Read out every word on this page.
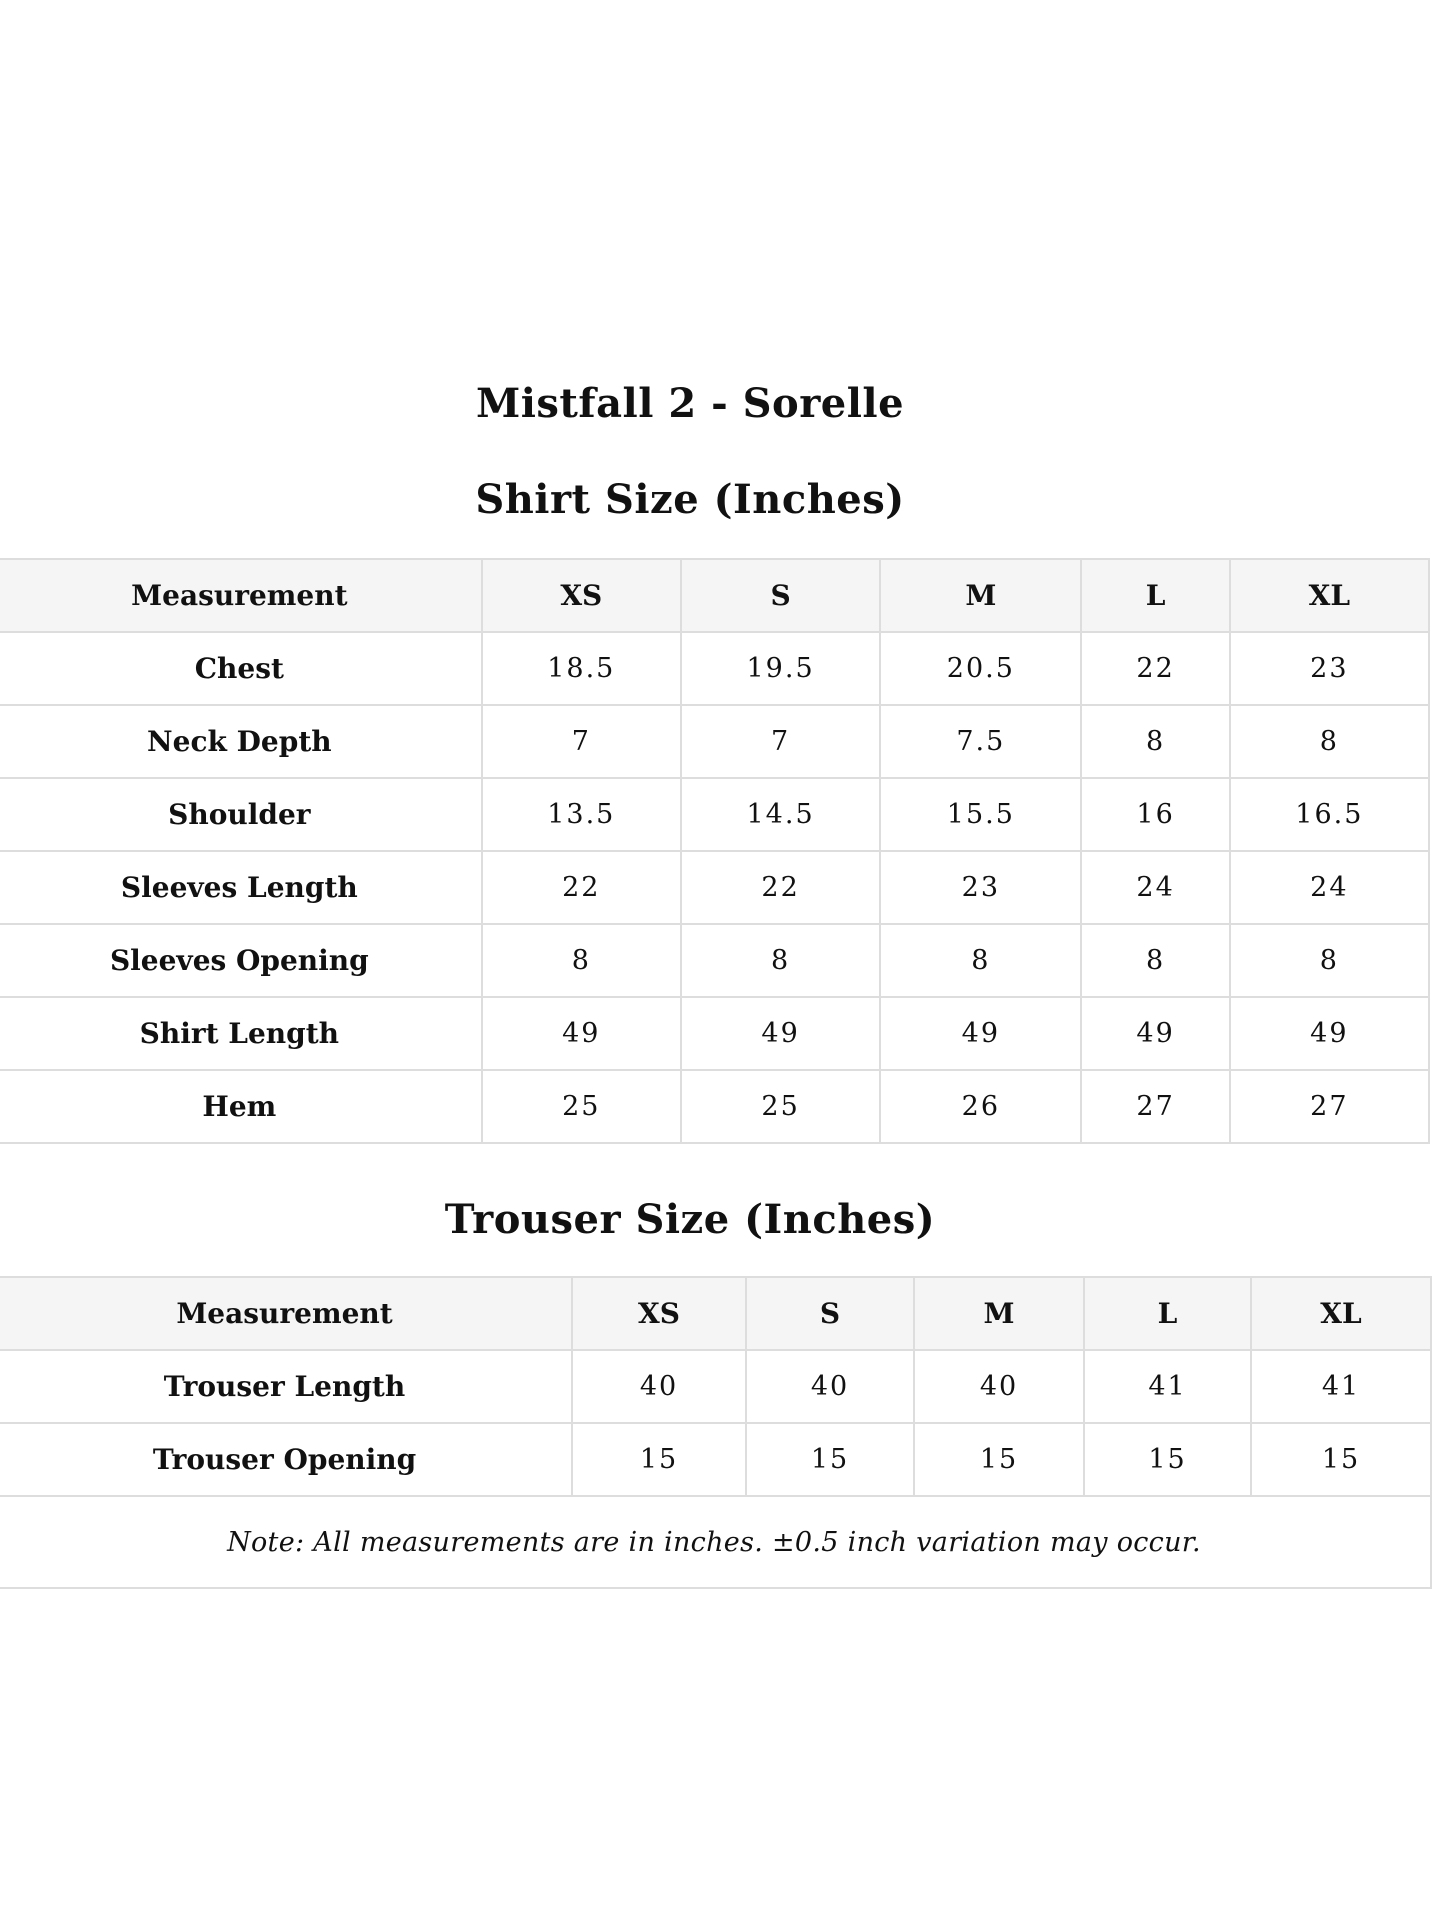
Mistfall 2 - Sorelle
Shirt Size (Inches)
Measurement	XS	S	M	L	XL
Chest	18.5	19.5	20.5	22	23
Neck Depth	7	7	7.5	8	8
Shoulder	13.5	14.5	15.5	16	16.5
Sleeves Length	22	22	23	24	24
Sleeves Opening	8	8	8	8	8
Shirt Length	49	49	49	49	49
Hem	25	25	26	27	27
Trouser Size (Inches)
Measurement	XS	S	M	L	XL
Trouser Length	40	40	40	41	41
Trouser Opening	15	15	15	15	15
Note: All measurements are in inches. ±0.5 inch variation may occur.					
